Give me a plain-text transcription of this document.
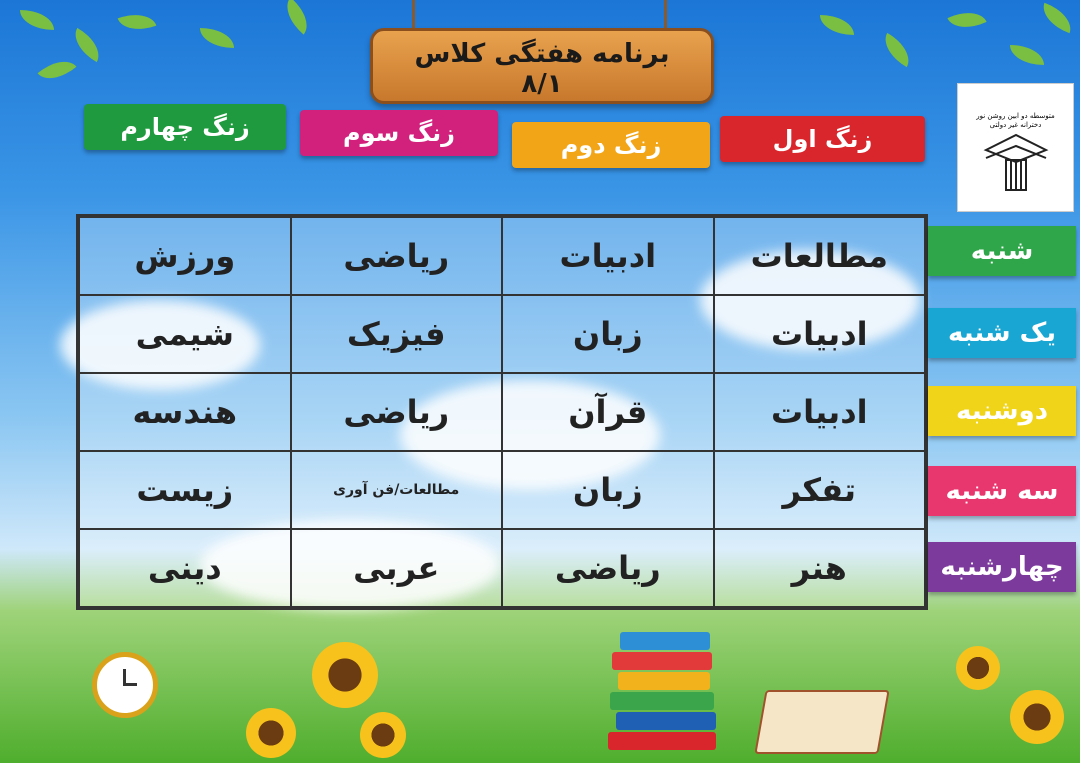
برنامه هفتگی کلاس
۸/۱
متوسطه دو ابین روشن نور
دخترانه غیر دولتی
زنگ اول
زنگ دوم
زنگ سوم
زنگ چهارم
ورزش	ریاضی	ادبیات	مطالعات
شیمی	فیزیک	زبان	ادبیات
هندسه	ریاضی	قرآن	ادبیات
زیست	مطالعات/فن آوری	زبان	تفکر
دینی	عربی	ریاضی	هنر
شنبه
یک شنبه
دوشنبه
سه شنبه
چهارشنبه
